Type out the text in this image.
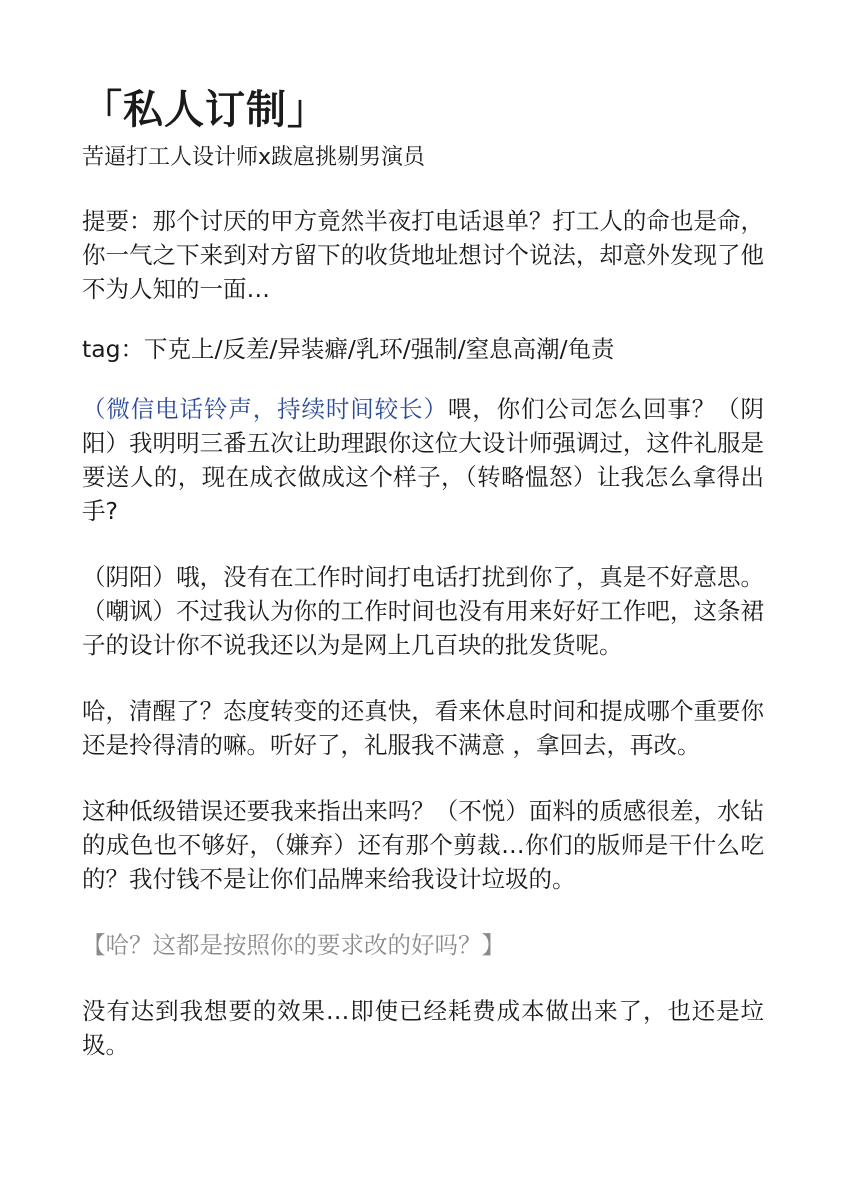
「私人订制」

苦逼打工人设计师x跋扈挑剔男演员

提要：那个讨厌的甲方竟然半夜打电话退单？打工人的命也是命，你一气之下来到对方留下的收货地址想讨个说法，却意外发现了他不为人知的一面…

tag：下克上/反差/异装癖/乳环/强制/窒息高潮/龟责

（微信电话铃声，持续时间较长）喂，你们公司怎么回事？（阴阳）我明明三番五次让助理跟你这位大设计师强调过，这件礼服是要送人的，现在成衣做成这个样子，（转略愠怒）让我怎么拿得出手?

（阴阳）哦，没有在工作时间打电话打扰到你了，真是不好意思。（嘲讽）不过我认为你的工作时间也没有用来好好工作吧，这条裙子的设计你不说我还以为是网上几百块的批发货呢。

哈，清醒了？态度转变的还真快，看来休息时间和提成哪个重要你还是拎得清的嘛。听好了，礼服我不满意 ，拿回去，再改。

这种低级错误还要我来指出来吗？（不悦）面料的质感很差，水钻的成色也不够好，（嫌弃）还有那个剪裁…你们的版师是干什么吃的？我付钱不是让你们品牌来给我设计垃圾的。

【哈？这都是按照你的要求改的好吗？】

没有达到我想要的效果…即使已经耗费成本做出来了，也还是垃圾。
